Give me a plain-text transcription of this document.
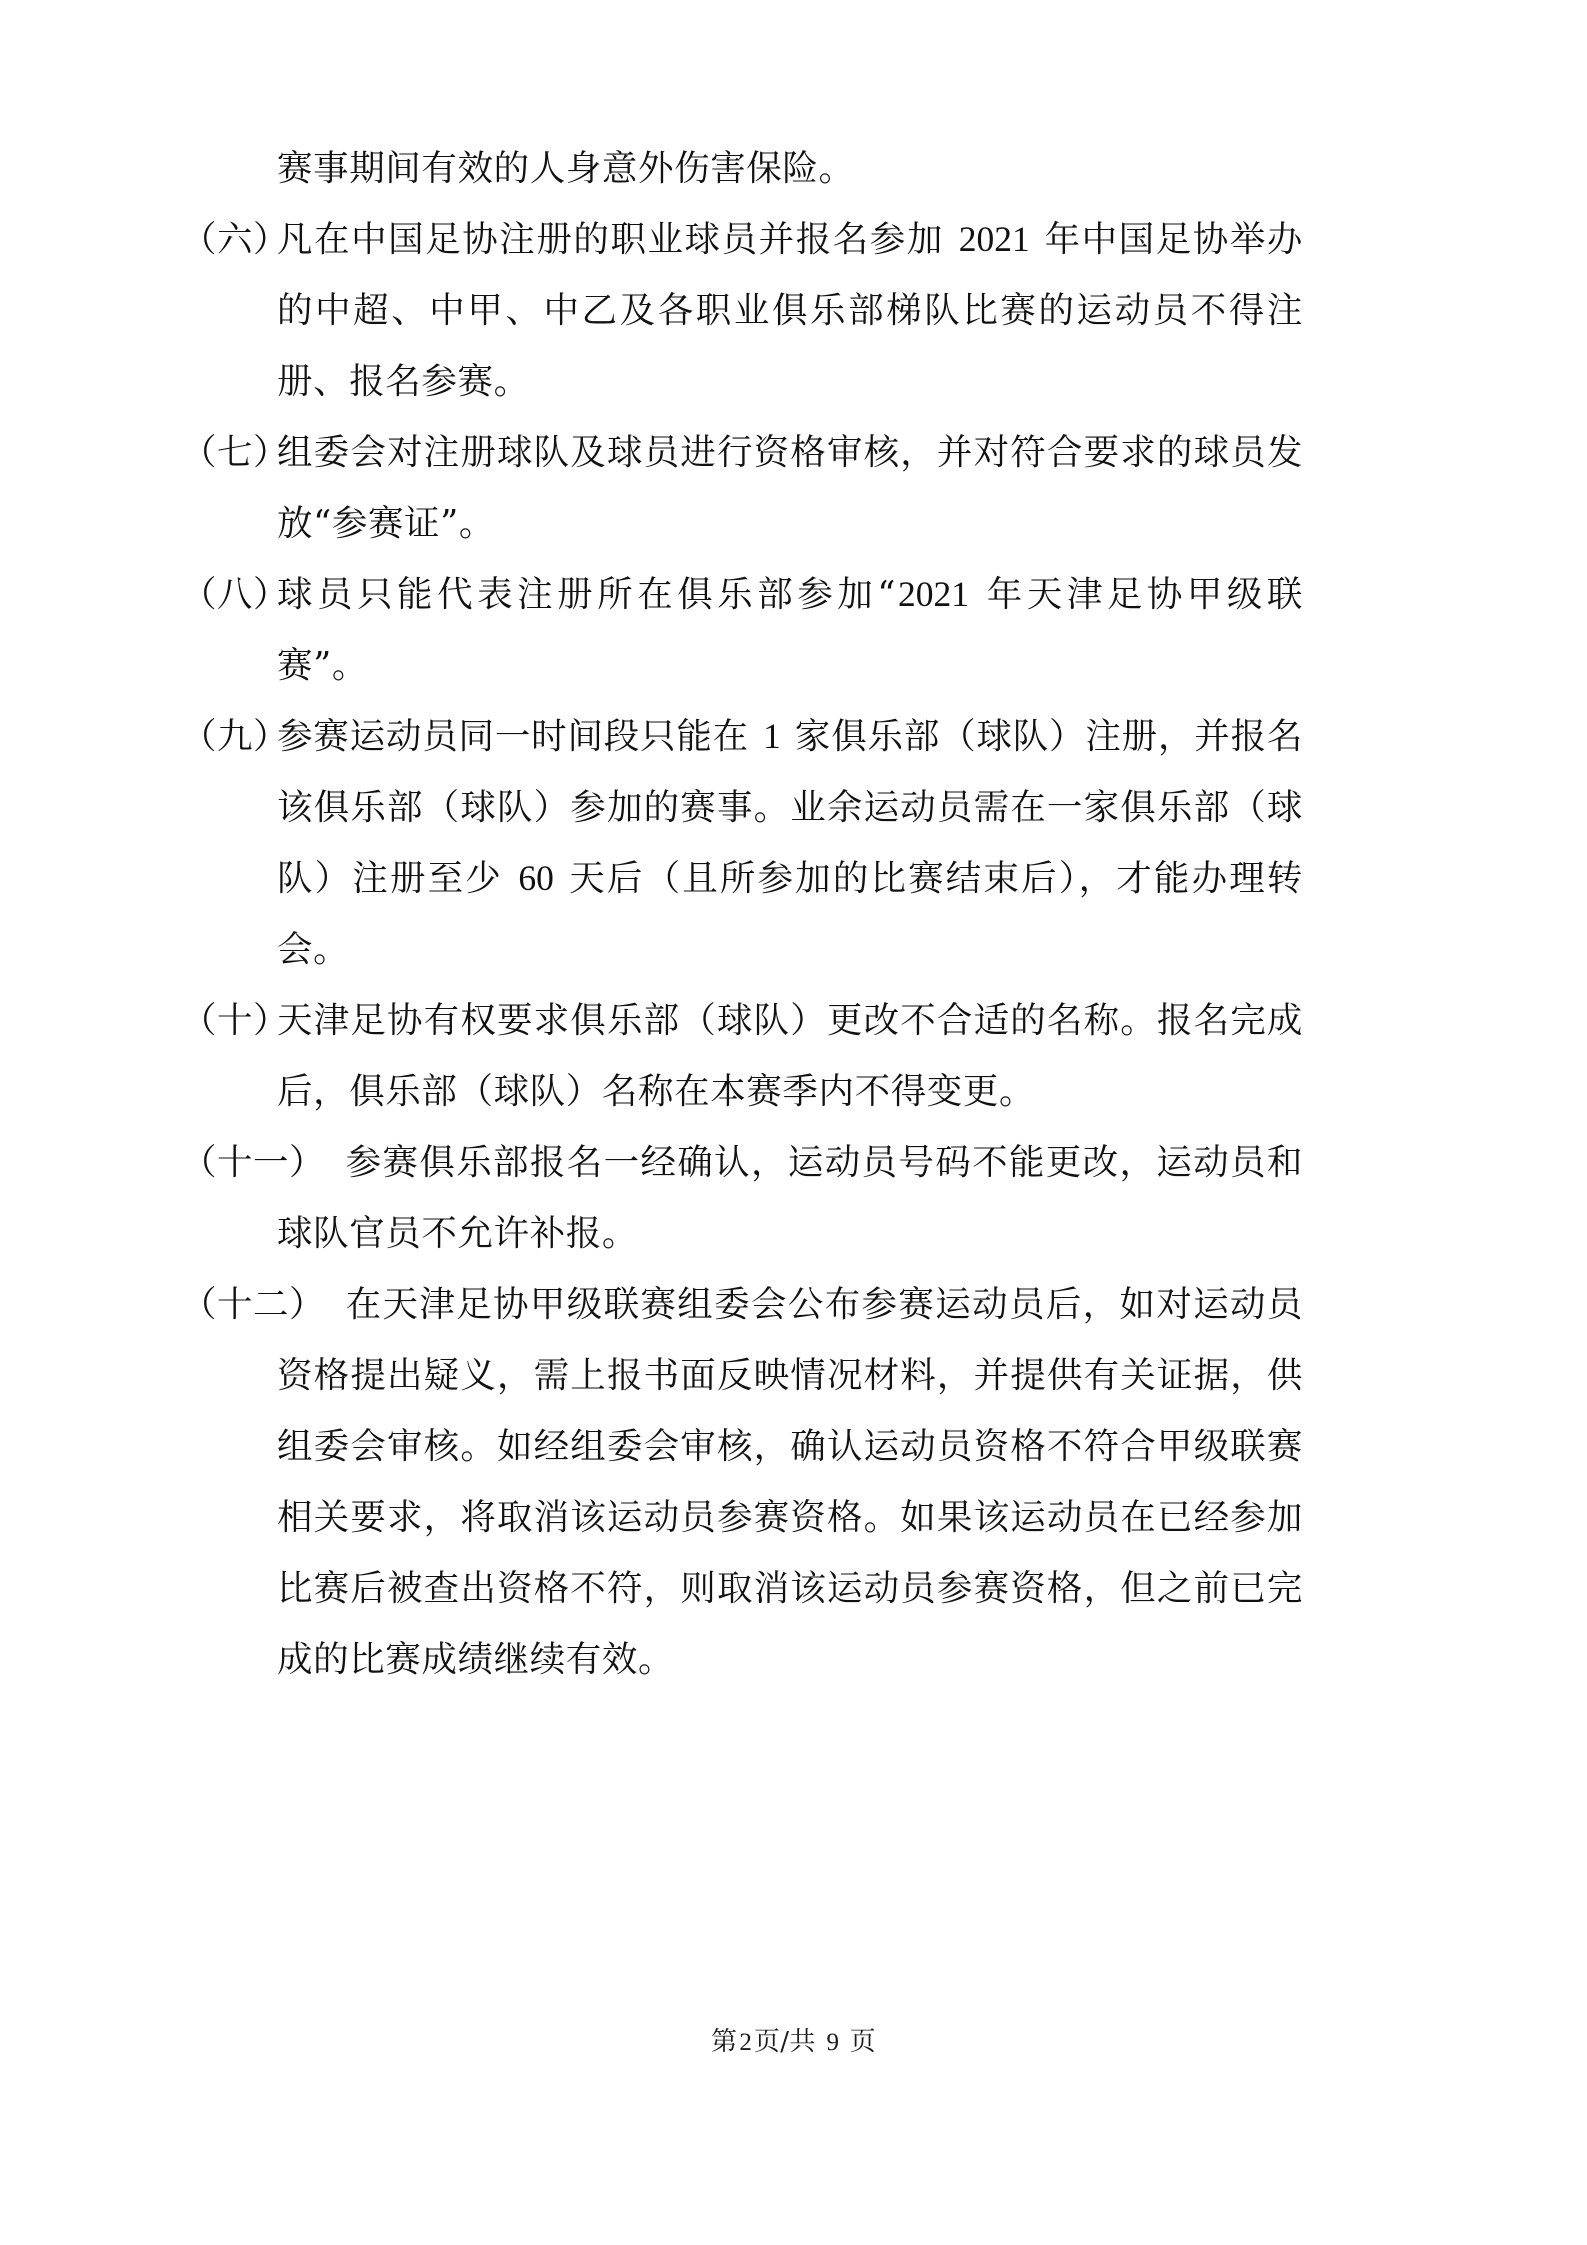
赛事期间有效的人身意外伤害保险。

（六）
凡在中国足协注册的职业球员并报名参加 2021 年中国足协举办的中超、中甲、中乙及各职业俱乐部梯队比赛的运动员不得注册、报名参赛。

（七）
组委会对注册球队及球员进行资格审核，并对符合要求的球员发放“参赛证”。

（八）
球员只能代表注册所在俱乐部参加“2021 年天津足协甲级联赛”。

（九）
参赛运动员同一时间段只能在 1 家俱乐部（球队）注册，并报名该俱乐部（球队）参加的赛事。业余运动员需在一家俱乐部（球队）注册至少 60 天后（且所参加的比赛结束后），才能办理转会。

（十）
天津足协有权要求俱乐部（球队）更改不合适的名称。报名完成后，俱乐部（球队）名称在本赛季内不得变更。

（十一） 参赛俱乐部报名一经确认，运动员号码不能更改，运动员和球队官员不允许补报。

（十二） 在天津足协甲级联赛组委会公布参赛运动员后，如对运动员资格提出疑义，需上报书面反映情况材料，并提供有关证据，供组委会审核。如经组委会审核，确认运动员资格不符合甲级联赛相关要求，将取消该运动员参赛资格。如果该运动员在已经参加比赛后被查出资格不符，则取消该运动员参赛资格，但之前已完成的比赛成绩继续有效。

第2页/共 9 页
